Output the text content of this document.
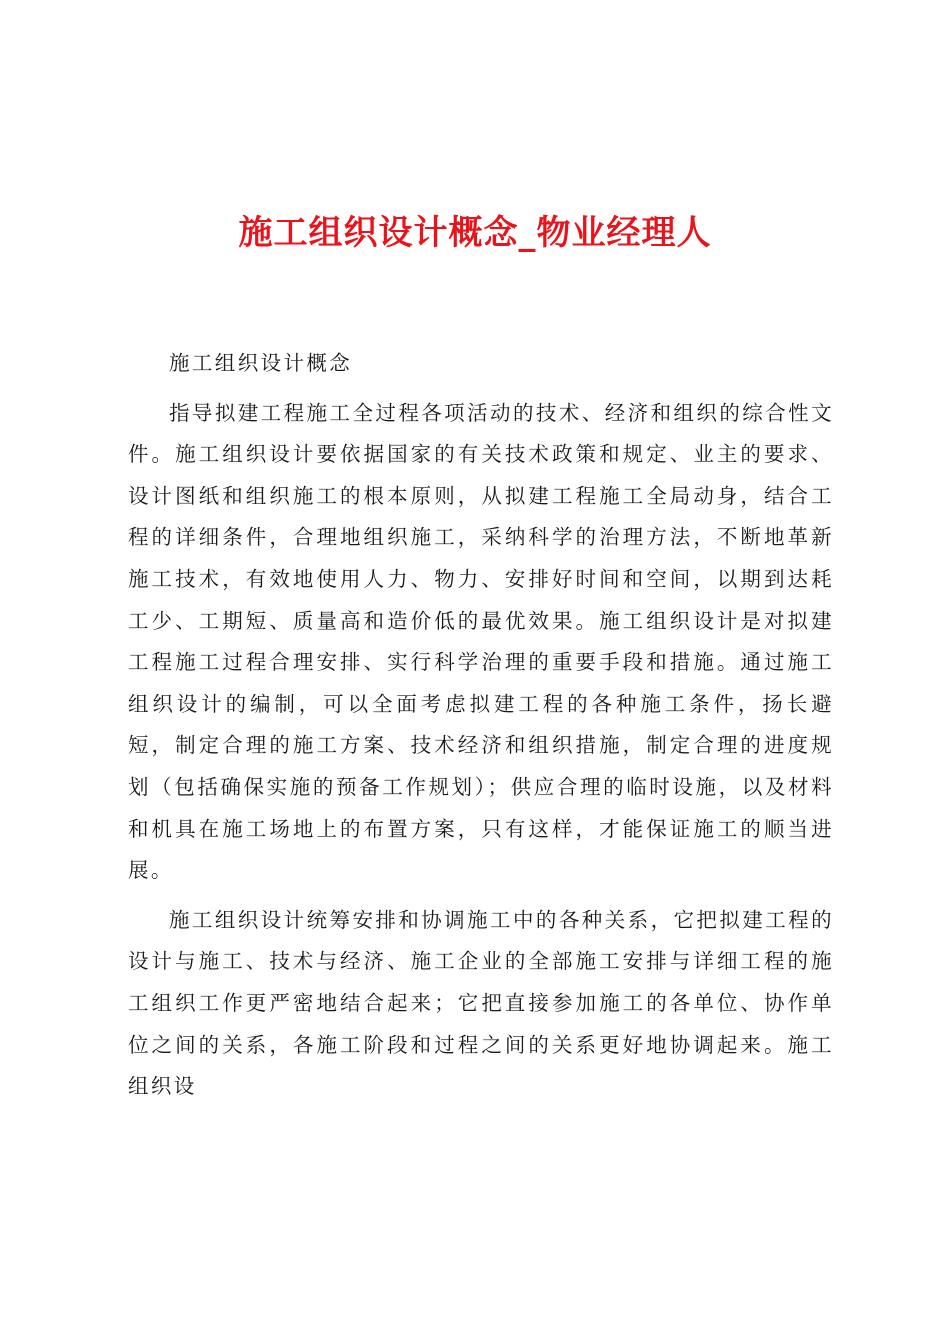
施工组织设计概念_物业经理人

施工组织设计概念

指导拟建工程施工全过程各项活动的技术、经济和组织的综合性文件。施工组织设计要依据国家的有关技术政策和规定、业主的要求、设计图纸和组织施工的根本原则，从拟建工程施工全局动身，结合工程的详细条件，合理地组织施工，采纳科学的治理方法，不断地革新施工技术，有效地使用人力、物力、安排好时间和空间，以期到达耗工少、工期短、质量高和造价低的最优效果。施工组织设计是对拟建工程施工过程合理安排、实行科学治理的重要手段和措施。通过施工组织设计的编制，可以全面考虑拟建工程的各种施工条件，扬长避短，制定合理的施工方案、技术经济和组织措施，制定合理的进度规划（包括确保实施的预备工作规划）；供应合理的临时设施，以及材料和机具在施工场地上的布置方案，只有这样，才能保证施工的顺当进展。

施工组织设计统筹安排和协调施工中的各种关系，它把拟建工程的设计与施工、技术与经济、施工企业的全部施工安排与详细工程的施工组织工作更严密地结合起来；它把直接参加施工的各单位、协作单位之间的关系，各施工阶段和过程之间的关系更好地协调起来。施工组织设
